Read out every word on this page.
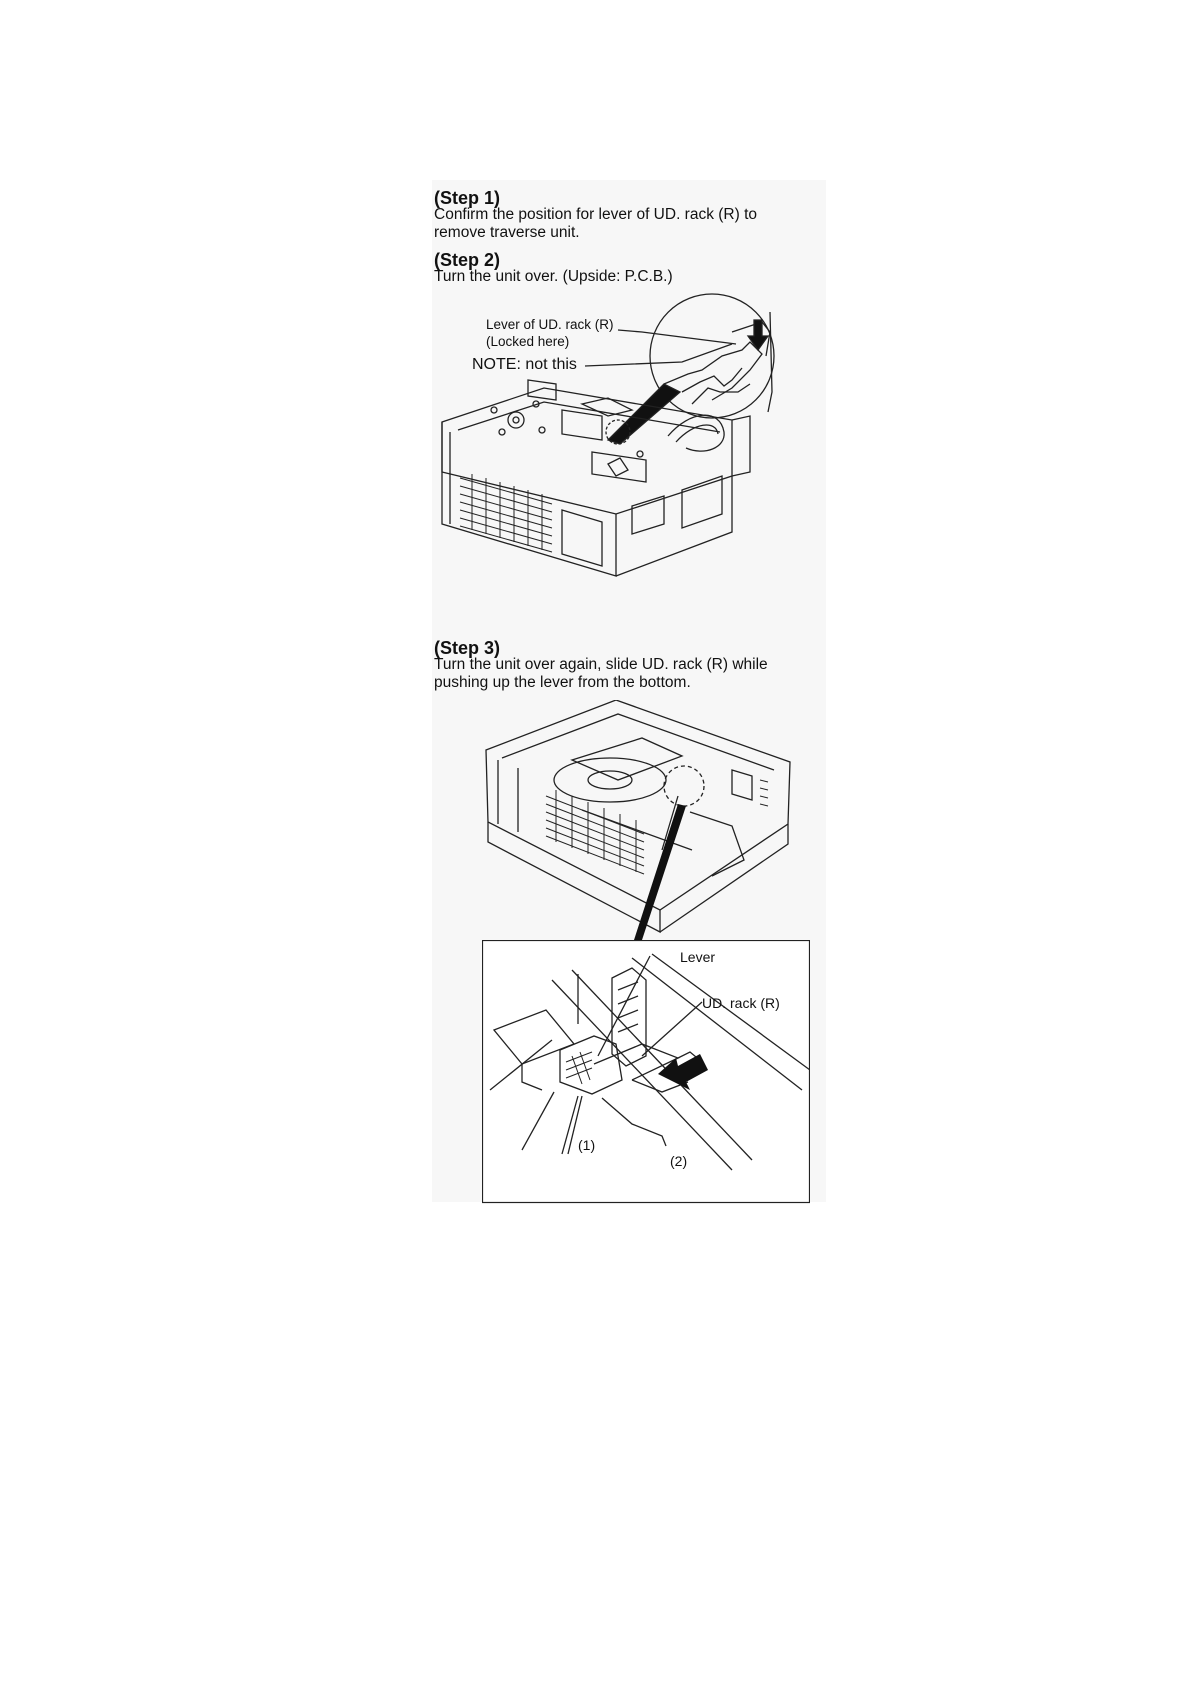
(Step 1)
Confirm the position for lever of UD. rack (R) to
remove traverse unit.
(Step 2)
Turn the unit over. (Upside: P.C.B.)
Lever of UD. rack (R)
(Locked here)
NOTE: not this
(Step 3)
Turn the unit over again, slide UD. rack (R) while
pushing up the lever from the bottom.
Lever
UD. rack (R)
(1)
(2)
